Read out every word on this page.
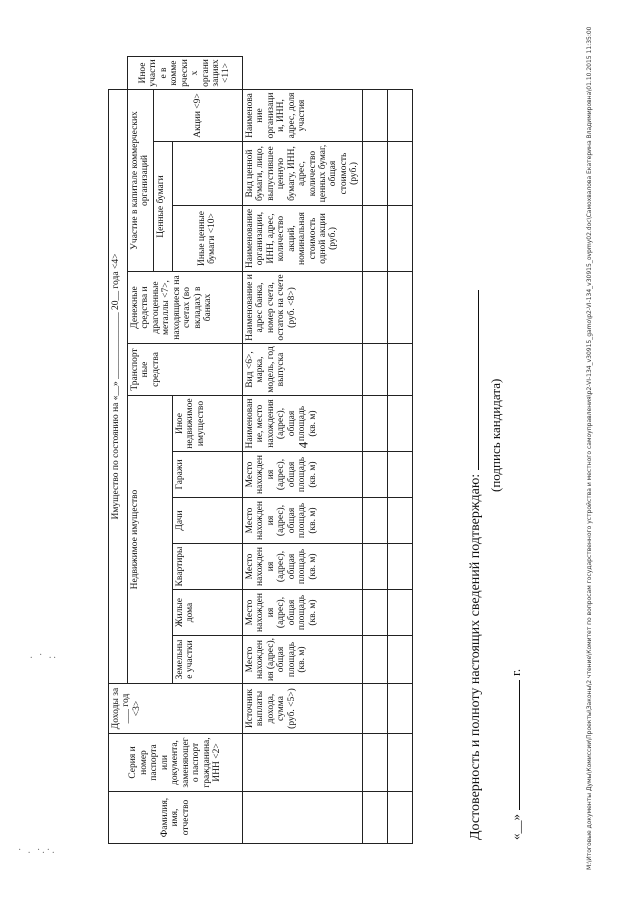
4
· . ·.·.
. · ..
Фамилия, имя, отчество	Серия и номер паспорта или документа, заменяющего паспорт гражданина, ИНН <2>	Доходы за ___ год <3>	Имущество по состоянию на «__» ______________ 20__ года <4>											
			Недвижимое имущество						Транспортные средства	Денежные средства и драгоценные металлы <7>, находящиеся на счетах (во вкладах) в банках	Участие в капитале коммерческих организаций			Иное участие в коммерческих организациях <11>
											Ценные бумаги		Акции <9>	
			Земельные участки	Жилые дома	Квартиры	Дачи	Гаражи	Иное недвижимое имущество			Иные ценные бумаги <10>			
		Источник выплаты дохода, сумма (руб. <5>)	Место нахождения (адрес), общая площадь (кв. м)	Место нахождения (адрес), общая площадь (кв. м)	Место нахождения (адрес), общая площадь (кв. м)	Место нахождения (адрес), общая площадь (кв. м)	Место нахождения (адрес), общая площадь (кв. м)	Наименование, место нахождения (адрес), общая площадь (кв. м)	Вид <6>, марка, модель, год выпуска	Наименование и адрес банка, номер счета, остаток на счете (руб. <8>)	Наименование организации, ИНН, адрес, количество акций, номинальная стоимость одной акции (руб.)	Вид ценной бумаги, лицо, выпустившее ценную бумагу, ИНН, адрес, количество ценных бумаг, общая стоимость (руб.)	Наименование организации, ИНН, адрес, доля участия	

Достоверность и полноту настоящих сведений подтверждаю:
(подпись кандидата)
«__»г.	M:\Итоговые документы Думы\Комиссии\Проекты\Законы\2 чтение\Комитет по вопросам государственного устройства и местного самоуправления\p2-VI-134_v30915_gamo\p2-VI-134_v30915_ovpmy02.doc\Самохвалова Екатерина Владимировна\01.10.2015 11:35:00
